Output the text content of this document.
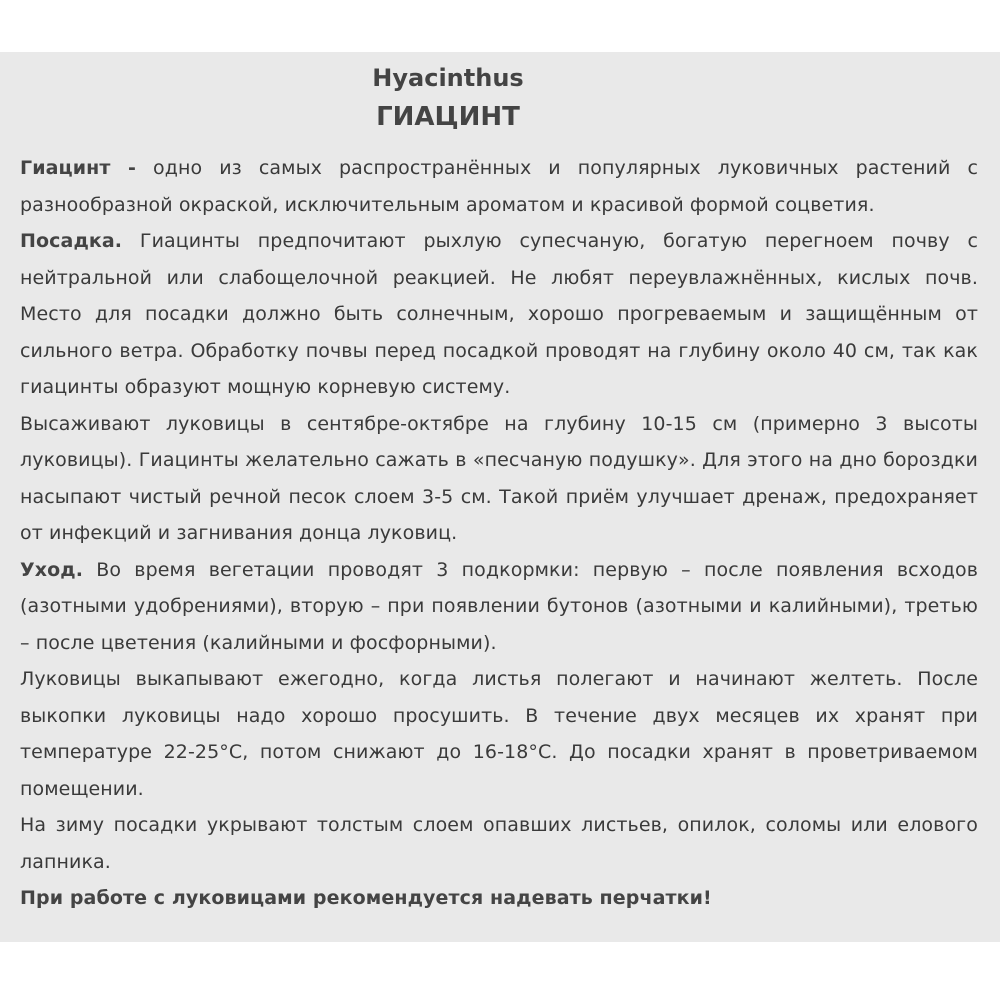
Hyacinthus
ГИАЦИНТ

Гиацинт - одно из самых распространённых и популярных луковичных растений с разнообразной окраской, исключительным ароматом и красивой формой соцветия.

Посадка. Гиацинты предпочитают рыхлую супесчаную, богатую перегноем почву с нейтральной или слабощелочной реакцией. Не любят переувлажнённых, кислых почв. Место для посадки должно быть солнечным, хорошо прогреваемым и защищённым от сильного ветра. Обработку почвы перед посадкой проводят на глубину около 40 см, так как гиацинты образуют мощную корневую систему.

Высаживают луковицы в сентябре-октябре на глубину 10-15 см (примерно 3 высоты луковицы). Гиацинты желательно сажать в «песчаную подушку». Для этого на дно бороздки насыпают чистый речной песок слоем 3-5 см. Такой приём улучшает дренаж, предохраняет от инфекций и загнивания донца луковиц.

Уход. Во время вегетации проводят 3 подкормки: первую – после появления всходов (азотными удобрениями), вторую – при появлении бутонов (азотными и калийными), третью – после цветения (калийными и фосфорными).

Луковицы выкапывают ежегодно, когда листья полегают и начинают желтеть. После выкопки луковицы надо хорошо просушить. В течение двух месяцев их хранят при температуре 22-25°C, потом снижают до 16-18°C. До посадки хранят в проветриваемом помещении.

На зиму посадки укрывают толстым слоем опавших листьев, опилок, соломы или елового лапника.

При работе с луковицами рекомендуется надевать перчатки!
